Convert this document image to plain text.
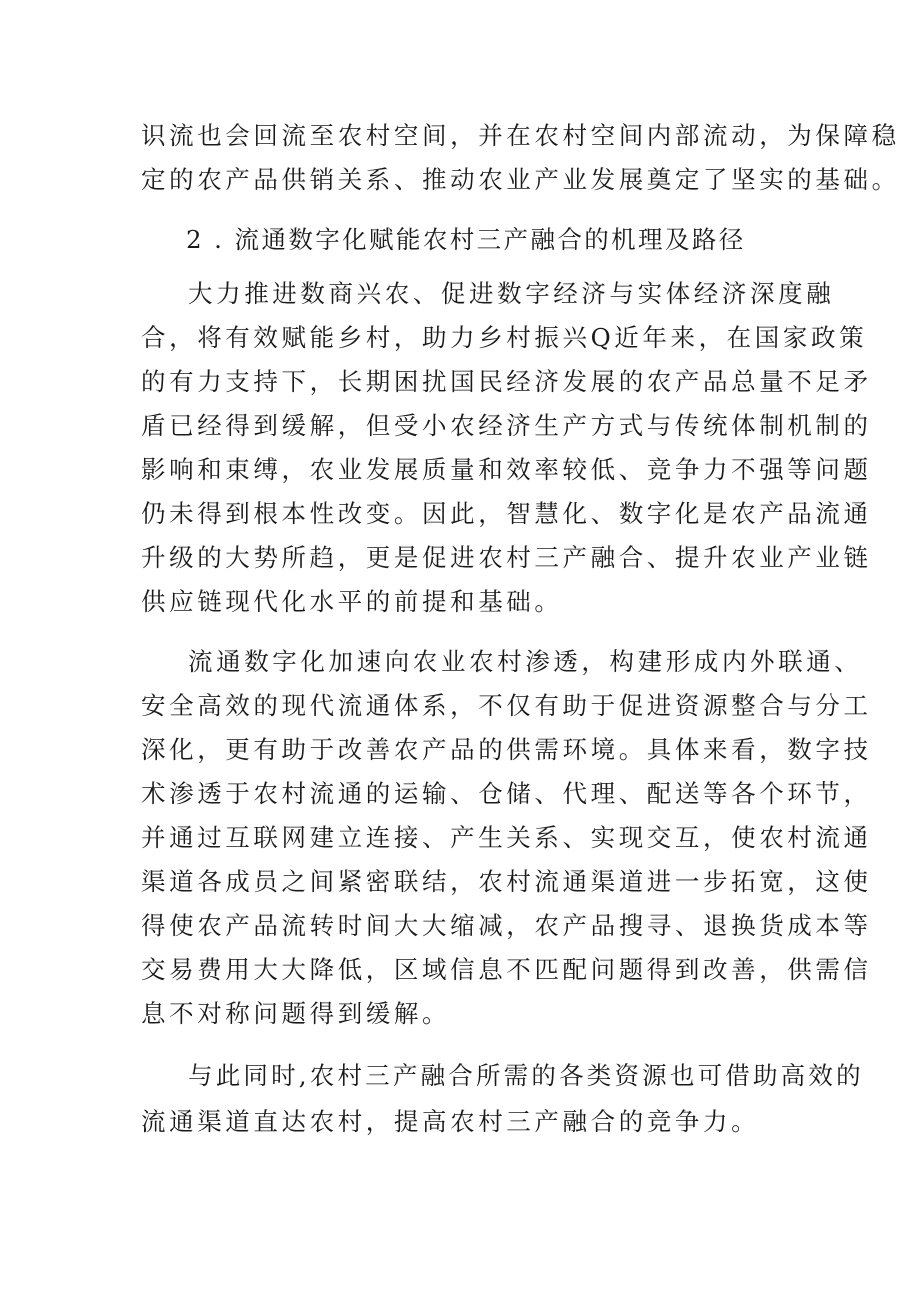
识流也会回流至农村空间，并在农村空间内部流动，为保障稳
定的农产品供销关系、推动农业产业发展奠定了坚实的基础。
2 . 流通数字化赋能农村三产融合的机理及路径
大力推进数商兴农、促进数字经济与实体经济深度融
合，将有效赋能乡村，助力乡村振兴Q近年来，在国家政策
的有力支持下，长期困扰国民经济发展的农产品总量不足矛
盾已经得到缓解，但受小农经济生产方式与传统体制机制的
影响和束缚，农业发展质量和效率较低、竞争力不强等问题
仍未得到根本性改变。因此，智慧化、数字化是农产品流通
升级的大势所趋，更是促进农村三产融合、提升农业产业链
供应链现代化水平的前提和基础。
流通数字化加速向农业农村渗透，构建形成内外联通、
安全高效的现代流通体系，不仅有助于促进资源整合与分工
深化，更有助于改善农产品的供需环境。具体来看，数字技
术渗透于农村流通的运输、仓储、代理、配送等各个环节，
并通过互联网建立连接、产生关系、实现交互，使农村流通
渠道各成员之间紧密联结，农村流通渠道进一步拓宽，这使
得使农产品流转时间大大缩减，农产品搜寻、退换货成本等
交易费用大大降低，区域信息不匹配问题得到改善，供需信
息不对称问题得到缓解。
与此同时,农村三产融合所需的各类资源也可借助高效的
流通渠道直达农村，提高农村三产融合的竞争力。
